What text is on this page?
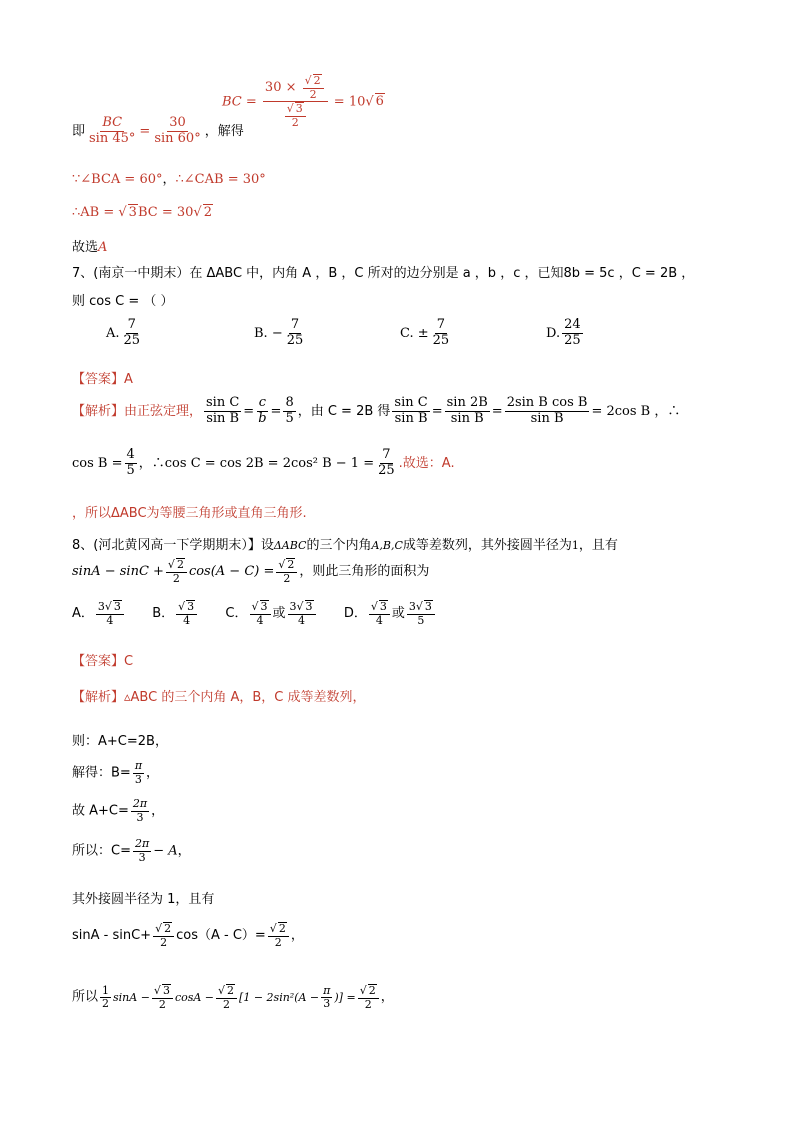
BC = $\frac{30 \times \frac{√ 2}{2}}{\frac{√ 3}{2}} = 10√$ 6
即 $\frac{BC}{\sin 45^\circ} = \frac{30}{\sin 60^\circ}$ ，解得
∵∠BCA = 60°，∴∠CAB = 30°
∴AB = √ 3BC = 30√ 2
故选A
7、(南京一中期末）在 ΔABC 中，内角 A ，B ，C 所对的边分别是 a ，b ，c ，已知8b = 5c ，C = 2B ，
则 cos C = （ ）
A. $\frac{7}{25}$	B. − $\frac{7}{25}$	C. ± $\frac{7}{25}$	D. $\frac{24}{25}$
【答案】A
【解析】由正弦定理， $\frac{\text{sin C}}{\text{sin B}} = \frac{c}{b} = \frac{8}{5}$ ，由 C = 2B 得 $\frac{\text{sin C}}{\text{sin B}} = \frac{\sin 2B}{\text{sin B}} = \frac{\text{2sin B cos B}}{\text{sin B}} = 2\cos$ B ，∴
$\cos B = \frac{4}{5}$ ，∴cos C = cos 2B = 2cos² $B - 1 = \frac{7}{25}$ .故选：A.
，所以ΔABC为等腰三角形或直角三角形.
8、(河北黄冈高一下学期期末）】设ΔABC的三个内角A,B,C成等差数列，其外接圆半径为1，且有
$\sin A - \sin C + \frac{√ 2}{2} \cos(A - C) = \frac{√ 2}{2}$ ，则此三角形的面积为
A． $\frac{3√ 3}{4}$ B． $\frac{√ 3}{4}$ C． $\frac{√ 3}{4}$ 或 $\frac{3√ 3}{4}$ D． $\frac{√ 3}{4}$ 或 $\frac{3√ 3}{5}$
【答案】C
【解析】▵ABC 的三个内角 A，B，C 成等差数列，
则：A+C=2B，
解得：$B= \frac{\pi}{3}$ ，
故 $A+C= \frac{2\pi}{3}$ ，
所以：$C= \frac{2\pi}{3} - A$，
其外接圆半径为 1，且有
$\sin A - \sin C+ \frac{√ 2}{2} \cos(A - C)= \frac{√ 2}{2}$ ，
所以 $\frac{1}{2}$ $\sin A - \frac{√ 3}{2}$ $\cos A - \frac{√ 2}{2} [1 - 2\sin^2(A - \frac{\pi}{3}$ )] = $\frac{√ 2}{2}$ ，
